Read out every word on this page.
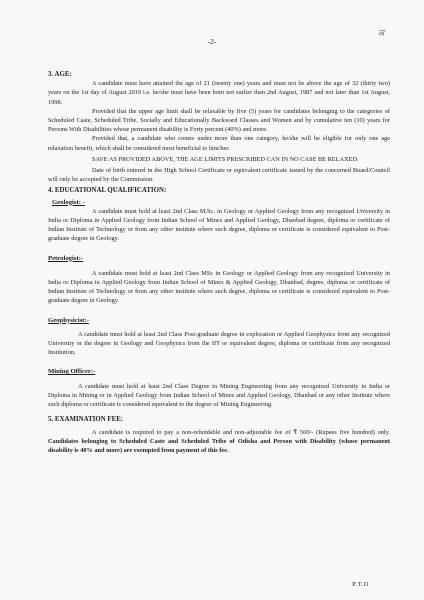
ञ
-2-

3. AGE:

A candidate must have attained the age of 21 (twenty one) years and must not be above the age of 32 (thirty two) years on the 1st day of August 2019 i.e. he/she must have been born not earlier than 2nd August, 1987 and not later than 1st August, 1998.

Provided that the upper age limit shall be relaxable by five (5) years for candidates belonging to the categories of Scheduled Caste, Scheduled Tribe, Socially and Educationally Backward Classes and Women and by cumulative ten (10) years for Persons With Disabilities whose permanent disability is Forty percent (40%) and more.

Provided that, a candidate who comes under more than one category, he/she will be eligible for only one age relaxation benefit, which shall be considered most beneficial to him/her.

SAVE AS PROVIDED ABOVE, THE AGE LIMITS PRESCRIBED CAN IN NO CASE BE RELAXED.

Date of birth entered in the High School Certificate or equivalent certificate issued by the concerned Board/Council will only be accepted by the Commission.

4. EDUCATIONAL QUALIFICATION:

Geologist: -

A candidate must hold at least 2nd Class M.Sc. in Geology or Applied Geology from any recognized University in India or Diploma in Applied Geology from Indian School of Mines and Applied Geology, Dhanbad degree, diploma or certificate of Indian Institute of Technology or from any other institute where such degree, diploma or certificate is considered equivalent to Post-graduate degree in Geology.

Petrologist:-

A candidate must hold at least 2nd Class MSc in Geology or Applied Geology from any recognized University in India or Diploma in Applied Geology from Indian School of Mines & Applied Geology, Dhanbad, degree, diploma or certificate of Indian Institute of Technology or from any other institute where such degree, diploma or certificate is considered equivalent to Post-graduate degree in Geology.

Geophysicist:-

A candidate must hold at least 2nd Class Post-graduate degree in exploration or Applied Geophysics from any recognized University or the degree in Geology and Geophysics from the IIT or equivalent degree, diploma or certificate from any recognized Institution.

Mining Officer:-

A candidate must hold at least 2nd Class Degree in Mining Engineering from any recognized University in India or Diploma in Mining or in Applied Geology from Indian School of Mines and Applied Geology, Dhanbad or any other Institute where such diploma or certificate is considered equivalent to the degree of Mining Engineering.

5. EXAMINATION FEE:

A candidate is required to pay a non-refundable and non-adjustable fee of ₹ 500/- (Rupees five hundred) only. Candidates belonging to Scheduled Caste and Scheduled Tribe of Odisha and Person with Disability (whose permanent disability is 40% and more) are exempted from payment of this fee.

P.T.O
